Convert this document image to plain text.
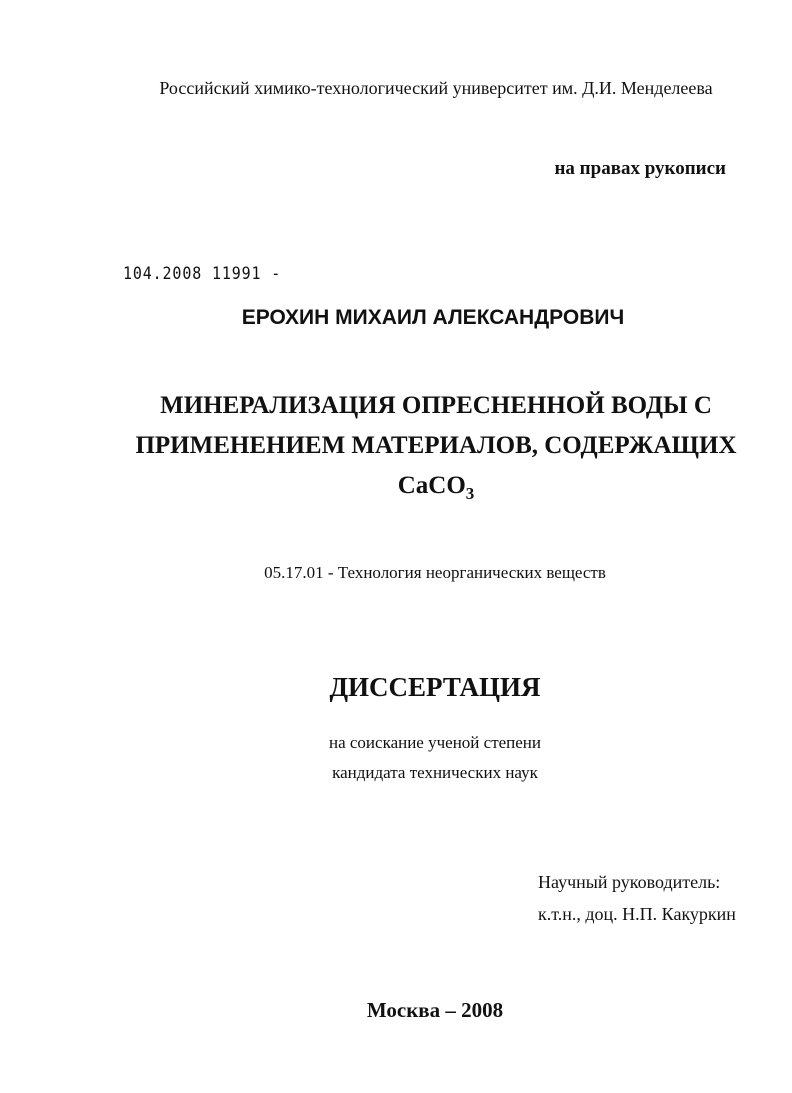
Российский химико-технологический университет им. Д.И. Менделеева
на правах рукописи
104.2008 11991 -
ЕРОХИН МИХАИЛ АЛЕКСАНДРОВИЧ
МИНЕРАЛИЗАЦИЯ ОПРЕСНЕННОЙ ВОДЫ С
ПРИМЕНЕНИЕМ МАТЕРИАЛОВ, СОДЕРЖАЩИХ
CaCO$_3$
05.17.01 - Технология неорганических веществ
ДИССЕРТАЦИЯ
на соискание ученой степени
кандидата технических наук
Научный руководитель:
к.т.н., доц. Н.П. Какуркин
Москва – 2008
